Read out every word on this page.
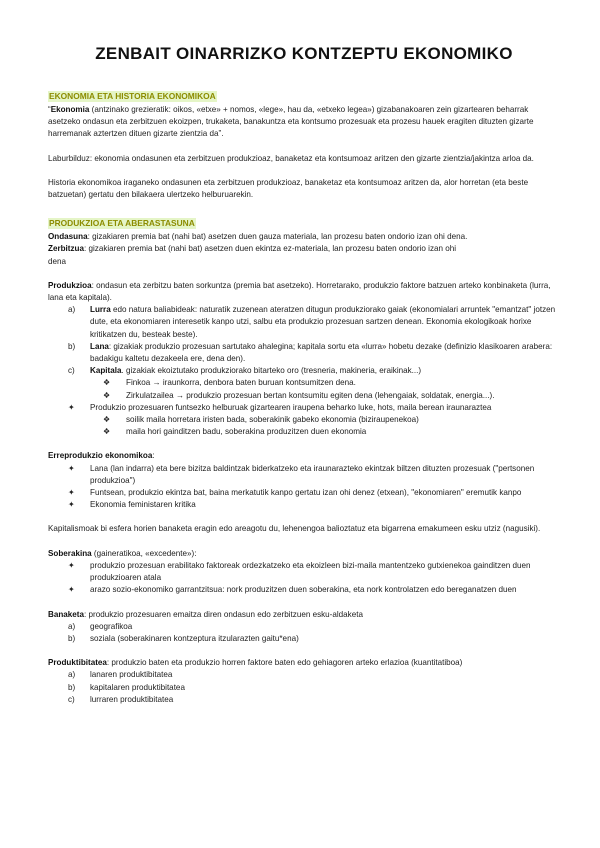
ZENBAIT OINARRIZKO KONTZEPTU EKONOMIKO
EKONOMIA ETA HISTORIA EKONOMIKOA

“Ekonomia (antzinako grezieratik: oikos, «etxe» + nomos, «lege», hau da, «etxeko legea») gizabanakoaren zein gizartearen beharrak asetzeko ondasun eta zerbitzuen ekoizpen, trukaketa, banakuntza eta kontsumo prozesuak eta prozesu hauek eragiten dituzten gizarte harremanak aztertzen dituen gizarte zientzia da”.

Laburbilduz: ekonomia ondasunen eta zerbitzuen produkzioaz, banaketaz eta kontsumoaz aritzen den gizarte zientzia/jakintza arloa da.

Historia ekonomikoa iraganeko ondasunen eta zerbitzuen produkzioaz, banaketaz eta kontsumoaz aritzen da, alor horretan (eta beste batzuetan) gertatu den bilakaera ulertzeko helburuarekin.

PRODUKZIOA ETA ABERASTASUNA

Ondasuna: gizakiaren premia bat (nahi bat) asetzen duen gauza materiala, lan prozesu baten ondorio izan ohi dena.

Zerbitzua: gizakiaren premia bat (nahi bat) asetzen duen ekintza ez-materiala, lan prozesu baten ondorio izan ohi dena

Produkzioa: ondasun eta zerbitzu baten sorkuntza (premia bat asetzeko). Horretarako, produkzio faktore batzuen arteko konbinaketa (lurra, lana eta kapitala).

a) Lurra edo natura baliabideak: naturatik zuzenean ateratzen ditugun produkziorako gaiak (ekonomialari arruntek "emantzat" jotzen dute, eta ekonomiaren interesetik kanpo utzi, salbu eta produkzio prozesuan sartzen denean. Ekonomia ekologikoak horixe kritikatzen du, besteak beste).
b) Lana: gizakiak produkzio prozesuan sartutako ahalegina; kapitala sortu eta «lurra» hobetu dezake (definizio klasikoaren arabera: badakigu kaltetu dezakeela ere, dena den).
c) Kapitala. gizakiak ekoiztutako produkziorako bitarteko oro (tresneria, makineria, eraikinak...)
❖ Finkoa → iraunkorra, denbora baten buruan kontsumitzen dena.
❖ Zirkulatzailea → produkzio prozesuan bertan kontsumitu egiten dena (lehengaiak, soldatak, energia...).
✦ Produkzio prozesuaren funtsezko helburuak gizartearen iraupena beharko luke, hots, maila berean iraunaraztea
❖ soilik maila horretara iristen bada, soberakinik gabeko ekonomia (biziraupenekoa)
❖ maila hori gainditzen badu, soberakina produzitzen duen ekonomia

Erreprodukzio ekonomikoa:

✦ Lana (lan indarra) eta bere bizitza baldintzak biderkatzeko eta iraunarazteko ekintzak biltzen dituzten prozesuak ("pertsonen produkzioa")
✦ Funtsean, produkzio ekintza bat, baina merkatutik kanpo gertatu izan ohi denez (etxean), "ekonomiaren" eremutik kanpo
✦ Ekonomia feministaren kritika

Kapitalismoak bi esfera horien banaketa eragin edo areagotu du, lehenengoa balioztatuz eta bigarrena emakumeen esku utziz (nagusiki).

Soberakina (gaineratikoa, «excedente»):

✦ produkzio prozesuan erabilitako faktoreak ordezkatzeko eta ekoizleen bizi-maila mantentzeko gutxienekoa gainditzen duen produkzioaren atala
✦ arazo sozio-ekonomiko garrantzitsua: nork produzitzen duen soberakina, eta nork kontrolatzen edo bereganatzen duen

Banaketa: produkzio prozesuaren emaitza diren ondasun edo zerbitzuen esku-aldaketa

a) geografikoa
b) soziala (soberakinaren kontzeptura itzularazten gaitu*ena)

Produktibitatea: produkzio baten eta produkzio horren faktore baten edo gehiagoren arteko erlazioa (kuantitatiboa)

a) lanaren produktibitatea
b) kapitalaren produktibitatea
c) lurraren produktibitatea
